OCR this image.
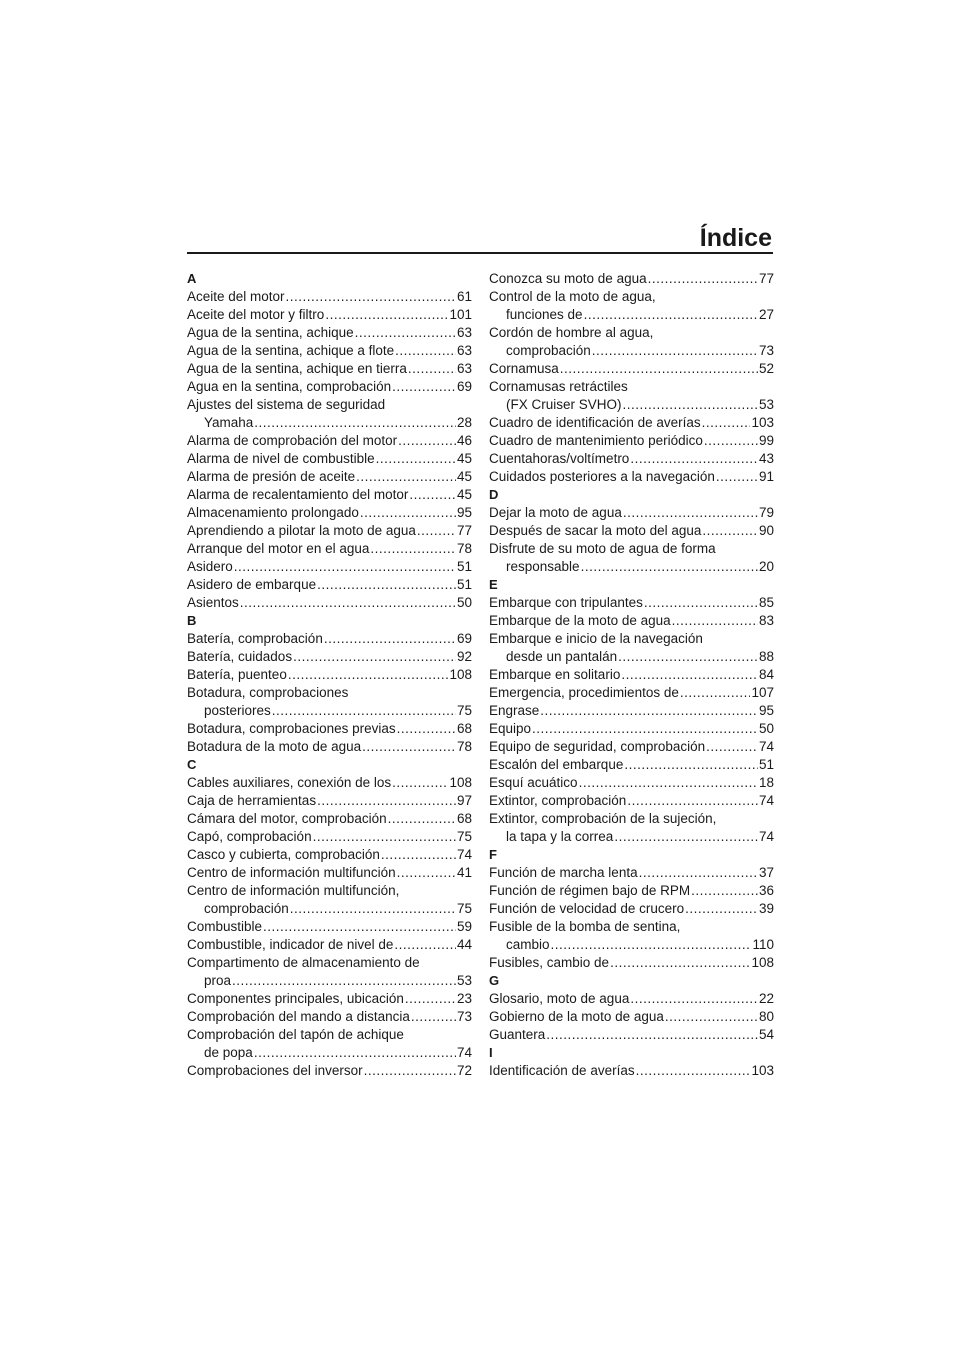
Índice
A
Aceite del motor .....	61
Aceite del motor y filtro .....	101
Agua de la sentina, achique .....	63
Agua de la sentina, achique a flote .....	63
Agua de la sentina, achique en tierra .....	63
Agua en la sentina, comprobación .....	69
Ajustes del sistema de seguridad
Yamaha .....	28
Alarma de comprobación del motor .....	46
Alarma de nivel de combustible .....	45
Alarma de presión de aceite .....	45
Alarma de recalentamiento del motor .....	45
Almacenamiento prolongado .....	95
Aprendiendo a pilotar la moto de agua .....	77
Arranque del motor en el agua .....	78
Asidero .....	51
Asidero de embarque .....	51
Asientos .....	50
B
Batería, comprobación .....	69
Batería, cuidados .....	92
Batería, puenteo .....	108
Botadura, comprobaciones
posteriores .....	75
Botadura, comprobaciones previas .....	68
Botadura de la moto de agua .....	78
C
Cables auxiliares, conexión de los .....	108
Caja de herramientas .....	97
Cámara del motor, comprobación .....	68
Capó, comprobación .....	75
Casco y cubierta, comprobación .....	74
Centro de información multifunción .....	41
Centro de información multifunción,
comprobación .....	75
Combustible .....	59
Combustible, indicador de nivel de .....	44
Compartimento de almacenamiento de
proa .....	53
Componentes principales, ubicación .....	23
Comprobación del mando a distancia .....	73
Comprobación del tapón de achique
de popa .....	74
Comprobaciones del inversor .....	72
Conozca su moto de agua .....	77
Control de la moto de agua,
funciones de .....	27
Cordón de hombre al agua,
comprobación .....	73
Cornamusa .....	52
Cornamusas retráctiles
(FX Cruiser SVHO) .....	53
Cuadro de identificación de averías .....	103
Cuadro de mantenimiento periódico .....	99
Cuentahoras/voltímetro .....	43
Cuidados posteriores a la navegación .....	91
D
Dejar la moto de agua .....	79
Después de sacar la moto del agua .....	90
Disfrute de su moto de agua de forma
responsable .....	20
E
Embarque con tripulantes .....	85
Embarque de la moto de agua .....	83
Embarque e inicio de la navegación
desde un pantalán .....	88
Embarque en solitario .....	84
Emergencia, procedimientos de .....	107
Engrase .....	95
Equipo .....	50
Equipo de seguridad, comprobación .....	74
Escalón del embarque .....	51
Esquí acuático .....	18
Extintor, comprobación .....	74
Extintor, comprobación de la sujeción,
la tapa y la correa .....	74
F
Función de marcha lenta .....	37
Función de régimen bajo de RPM .....	36
Función de velocidad de crucero .....	39
Fusible de la bomba de sentina,
cambio .....	110
Fusibles, cambio de .....	108
G
Glosario, moto de agua .....	22
Gobierno de la moto de agua .....	80
Guantera .....	54
I
Identificación de averías .....	103
